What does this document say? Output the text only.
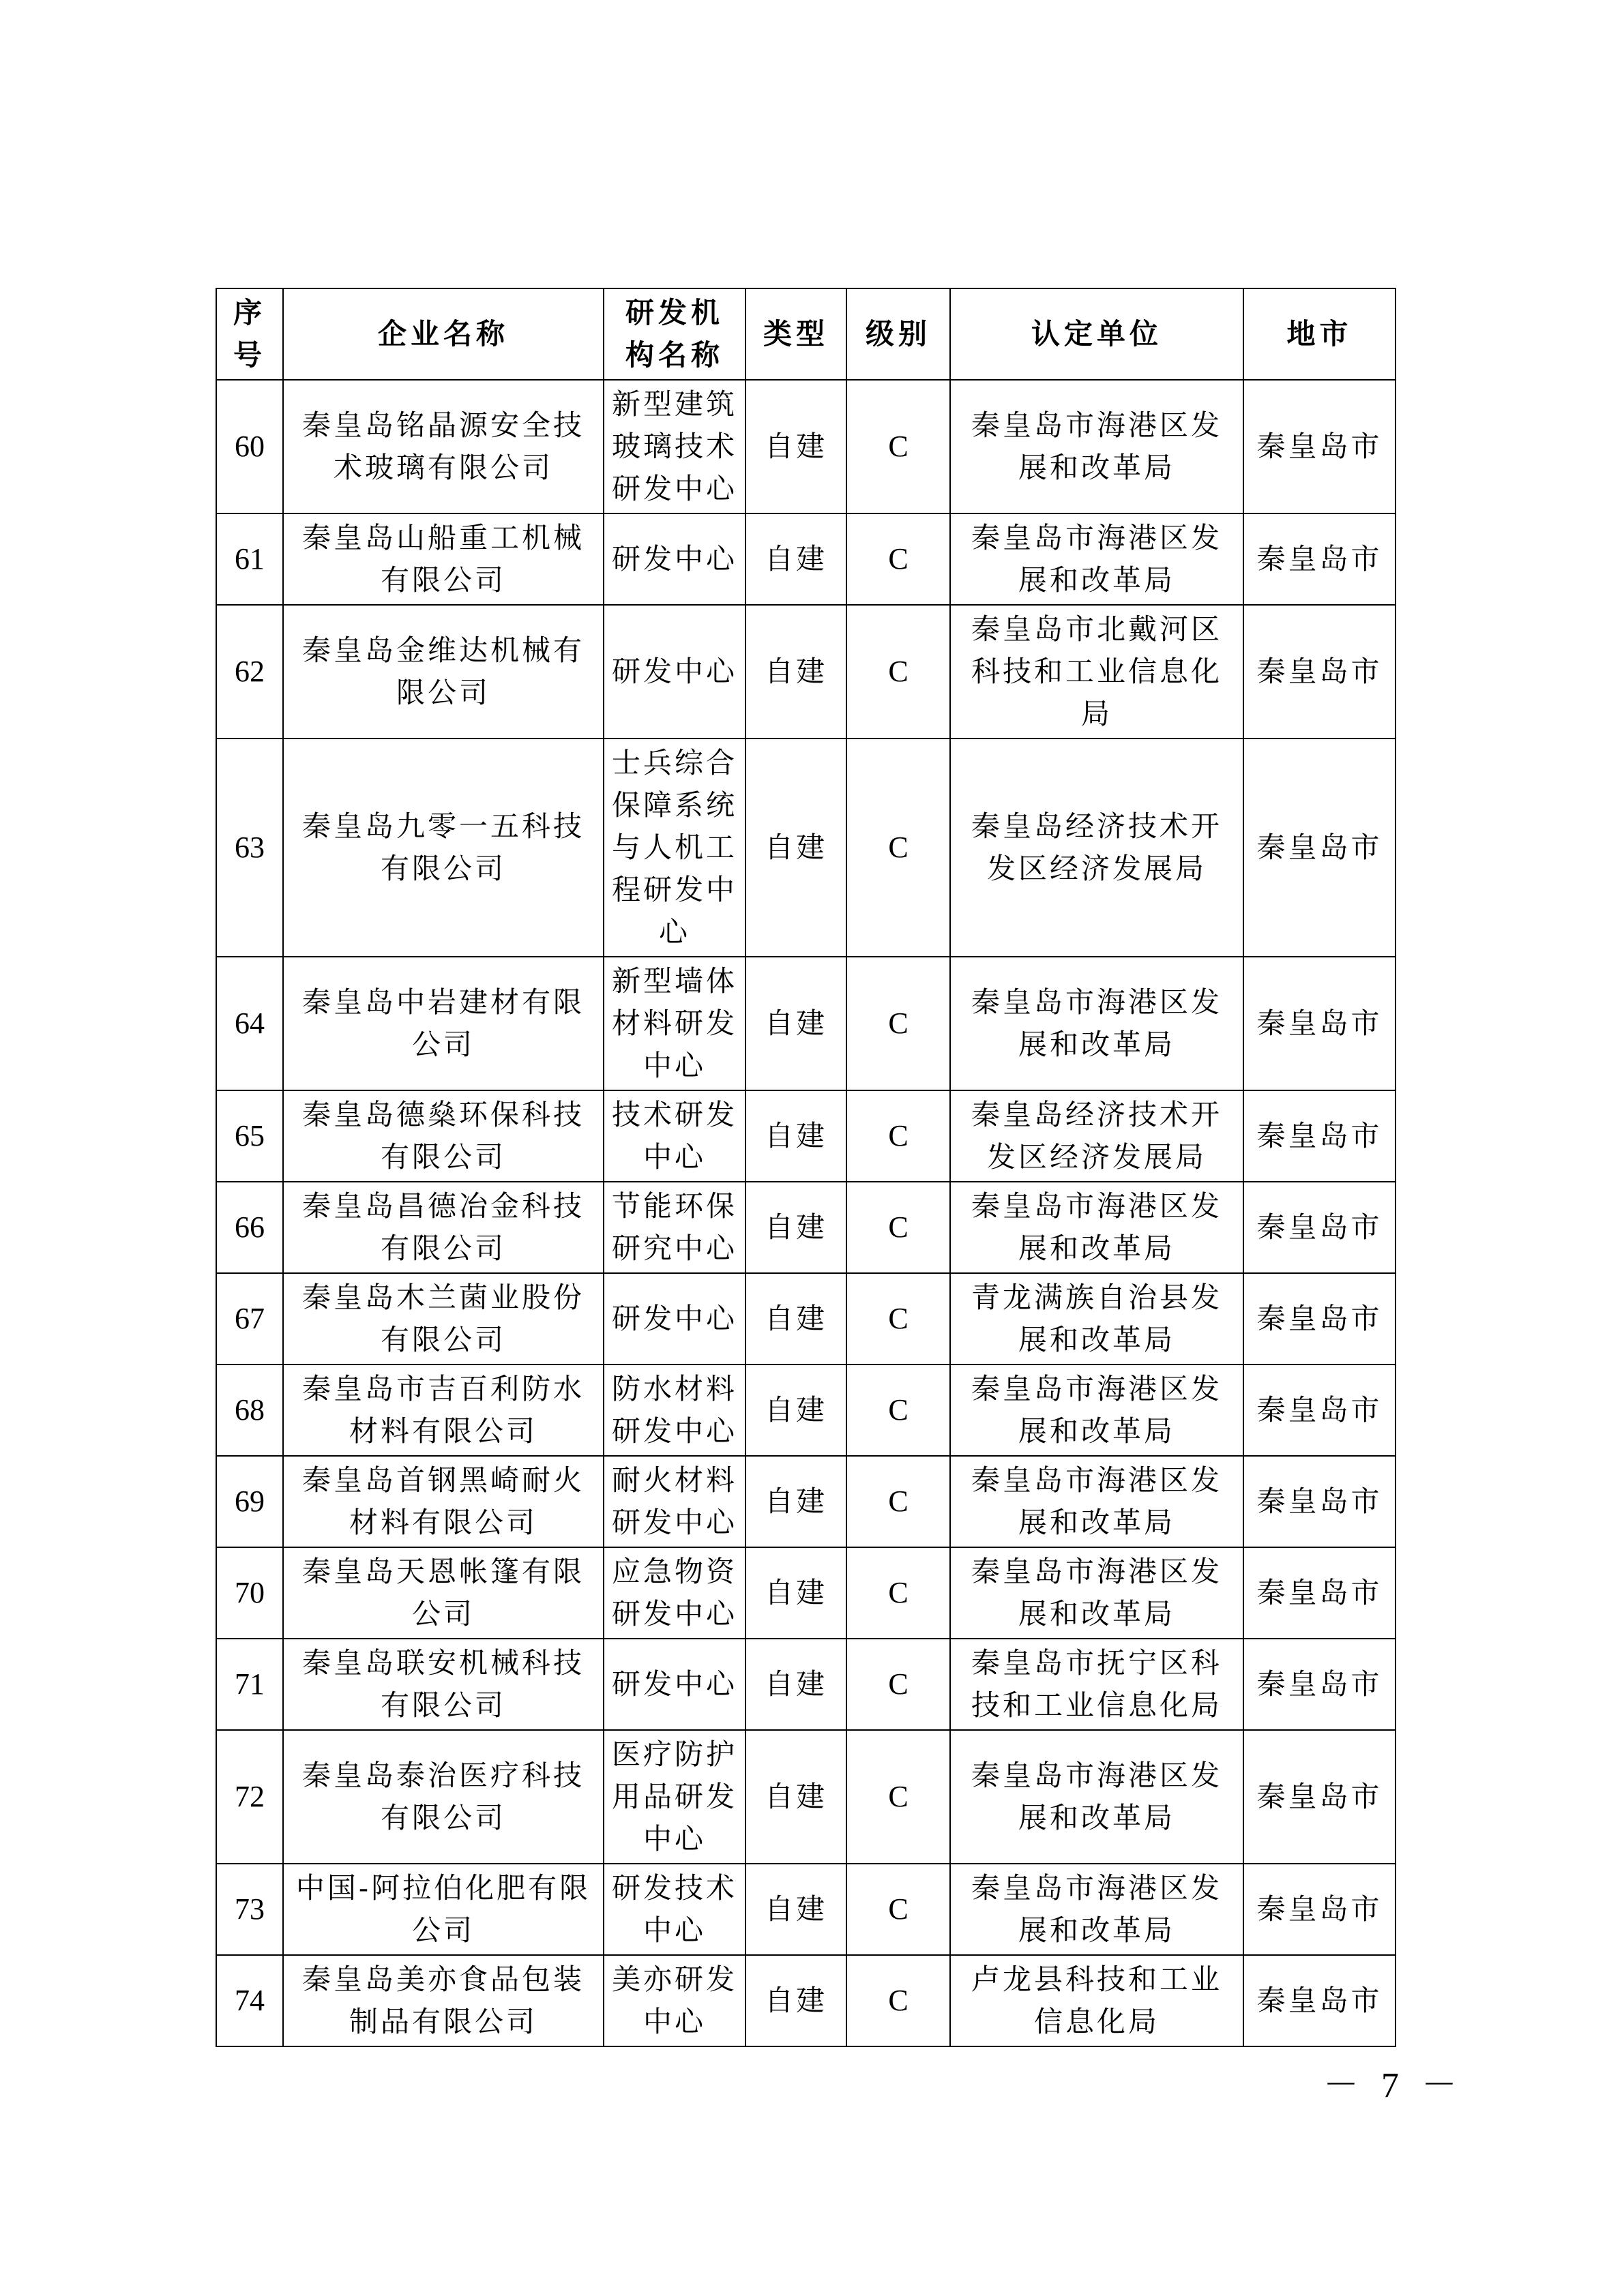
序号	企业名称	研发机构名称	类型	级别	认定单位	地市
60	秦皇岛铭晶源安全技术玻璃有限公司	新型建筑玻璃技术研发中心	自建	C	秦皇岛市海港区发展和改革局	秦皇岛市
61	秦皇岛山船重工机械有限公司	研发中心	自建	C	秦皇岛市海港区发展和改革局	秦皇岛市
62	秦皇岛金维达机械有限公司	研发中心	自建	C	秦皇岛市北戴河区科技和工业信息化局	秦皇岛市
63	秦皇岛九零一五科技有限公司	士兵综合保障系统与人机工程研发中心	自建	C	秦皇岛经济技术开发区经济发展局	秦皇岛市
64	秦皇岛中岩建材有限公司	新型墙体材料研发中心	自建	C	秦皇岛市海港区发展和改革局	秦皇岛市
65	秦皇岛德燊环保科技有限公司	技术研发中心	自建	C	秦皇岛经济技术开发区经济发展局	秦皇岛市
66	秦皇岛昌德冶金科技有限公司	节能环保研究中心	自建	C	秦皇岛市海港区发展和改革局	秦皇岛市
67	秦皇岛木兰菌业股份有限公司	研发中心	自建	C	青龙满族自治县发展和改革局	秦皇岛市
68	秦皇岛市吉百利防水材料有限公司	防水材料研发中心	自建	C	秦皇岛市海港区发展和改革局	秦皇岛市
69	秦皇岛首钢黑崎耐火材料有限公司	耐火材料研发中心	自建	C	秦皇岛市海港区发展和改革局	秦皇岛市
70	秦皇岛天恩帐篷有限公司	应急物资研发中心	自建	C	秦皇岛市海港区发展和改革局	秦皇岛市
71	秦皇岛联安机械科技有限公司	研发中心	自建	C	秦皇岛市抚宁区科技和工业信息化局	秦皇岛市
72	秦皇岛泰治医疗科技有限公司	医疗防护用品研发中心	自建	C	秦皇岛市海港区发展和改革局	秦皇岛市
73	中国-阿拉伯化肥有限公司	研发技术中心	自建	C	秦皇岛市海港区发展和改革局	秦皇岛市
74	秦皇岛美亦食品包装制品有限公司	美亦研发中心	自建	C	卢龙县科技和工业信息化局	秦皇岛市
－ 7 －
